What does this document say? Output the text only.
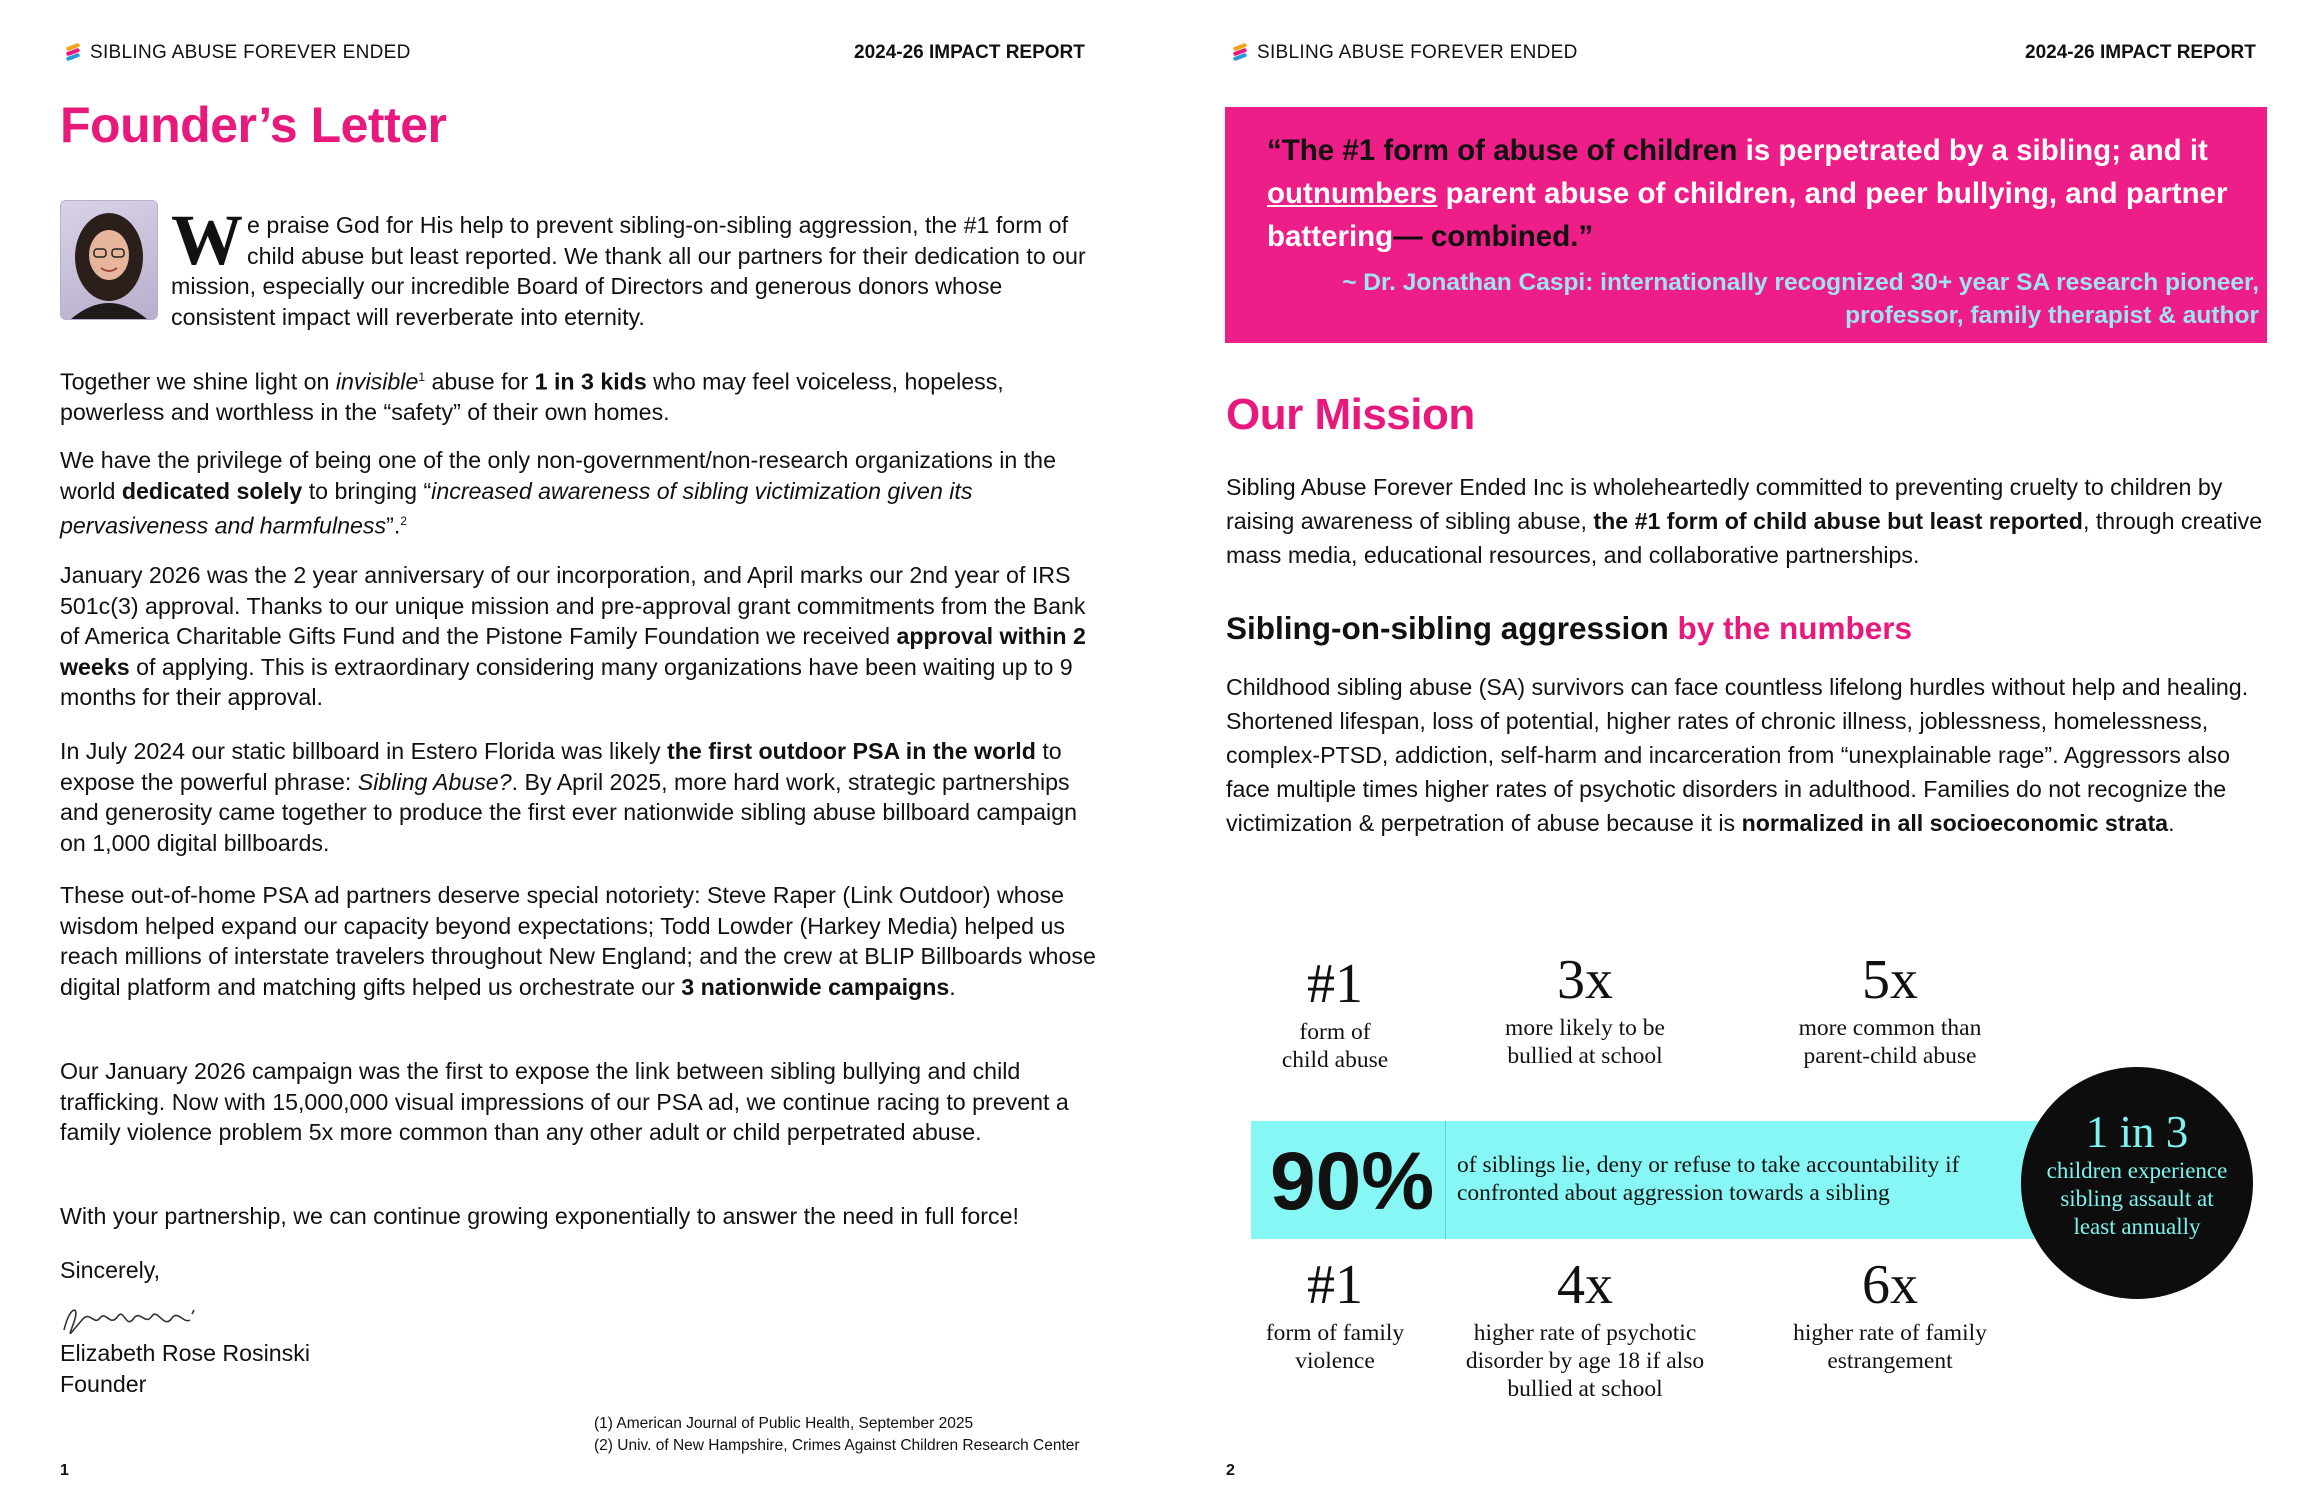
SIBLING ABUSE FOREVER ENDED	2024-26 IMPACT REPORT
Founder’s Letter
We praise God for His help to prevent sibling-on-sibling aggression, the #1 form of child abuse but least reported. We thank all our partners for their dedication to our mission, especially our incredible Board of Directors and generous donors whose consistent impact will reverberate into eternity.

Together we shine light on invisible$^1$ abuse for 1 in 3 kids who may feel voiceless, hopeless, powerless and worthless in the “safety” of their own homes.

We have the privilege of being one of the only non-government/non-research organizations in the world dedicated solely to bringing “increased awareness of sibling victimization given its pervasiveness and harmfulness”.$^2$

January 2026 was the 2 year anniversary of our incorporation, and April marks our 2nd year of IRS 501c(3) approval. Thanks to our unique mission and pre-approval grant commitments from the Bank of America Charitable Gifts Fund and the Pistone Family Foundation we received approval within 2 weeks of applying. This is extraordinary considering many organizations have been waiting up to 9 months for their approval.

In July 2024 our static billboard in Estero Florida was likely the first outdoor PSA in the world to expose the powerful phrase: Sibling Abuse?. By April 2025, more hard work, strategic partnerships and generosity came together to produce the first ever nationwide sibling abuse billboard campaign on 1,000 digital billboards.

These out-of-home PSA ad partners deserve special notoriety: Steve Raper (Link Outdoor) whose wisdom helped expand our capacity beyond expectations; Todd Lowder (Harkey Media) helped us reach millions of interstate travelers throughout New England; and the crew at BLIP Billboards whose digital platform and matching gifts helped us orchestrate our 3 nationwide campaigns.

Our January 2026 campaign was the first to expose the link between sibling bullying and child trafficking. Now with 15,000,000 visual impressions of our PSA ad, we continue racing to prevent a family violence problem 5x more common than any other adult or child perpetrated abuse.

With your partnership, we can continue growing exponentially to answer the need in full force!

Sincerely,

Elizabeth Rose Rosinski

Founder

(1) American Journal of Public Health, September 2025
(2) Univ. of New Hampshire, Crimes Against Children Research Center
1
SIBLING ABUSE FOREVER ENDED	2024-26 IMPACT REPORT

“The #1 form of abuse of children is perpetrated by a sibling; and it outnumbers parent abuse of children, and peer bullying, and partner battering— combined.”

~ Dr. Jonathan Caspi: internationally recognized 30+ year SA research pioneer,
professor, family therapist & author

Our Mission

Sibling Abuse Forever Ended Inc is wholeheartedly committed to preventing cruelty to children by raising awareness of sibling abuse, the #1 form of child abuse but least reported, through creative mass media, educational resources, and collaborative partnerships.

Sibling-on-sibling aggression by the numbers

Childhood sibling abuse (SA) survivors can face countless lifelong hurdles without help and healing. Shortened lifespan, loss of potential, higher rates of chronic illness, joblessness, homelessness, complex-PTSD, addiction, self-harm and incarceration from “unexplainable rage”. Aggressors also face multiple times higher rates of psychotic disorders in adulthood. Families do not recognize the victimization & perpetration of abuse because it is normalized in all socioeconomic strata.

#1
form of child abuse
3x
more likely to be bullied at school
5x
more common than parent-child abuse
90% of siblings lie, deny or refuse to take accountability if confronted about aggression towards a sibling
1 in 3
children experience sibling assault at least annually
#1
form of family violence
4x
higher rate of psychotic disorder by age 18 if also bullied at school
6x
higher rate of family estrangement
2
